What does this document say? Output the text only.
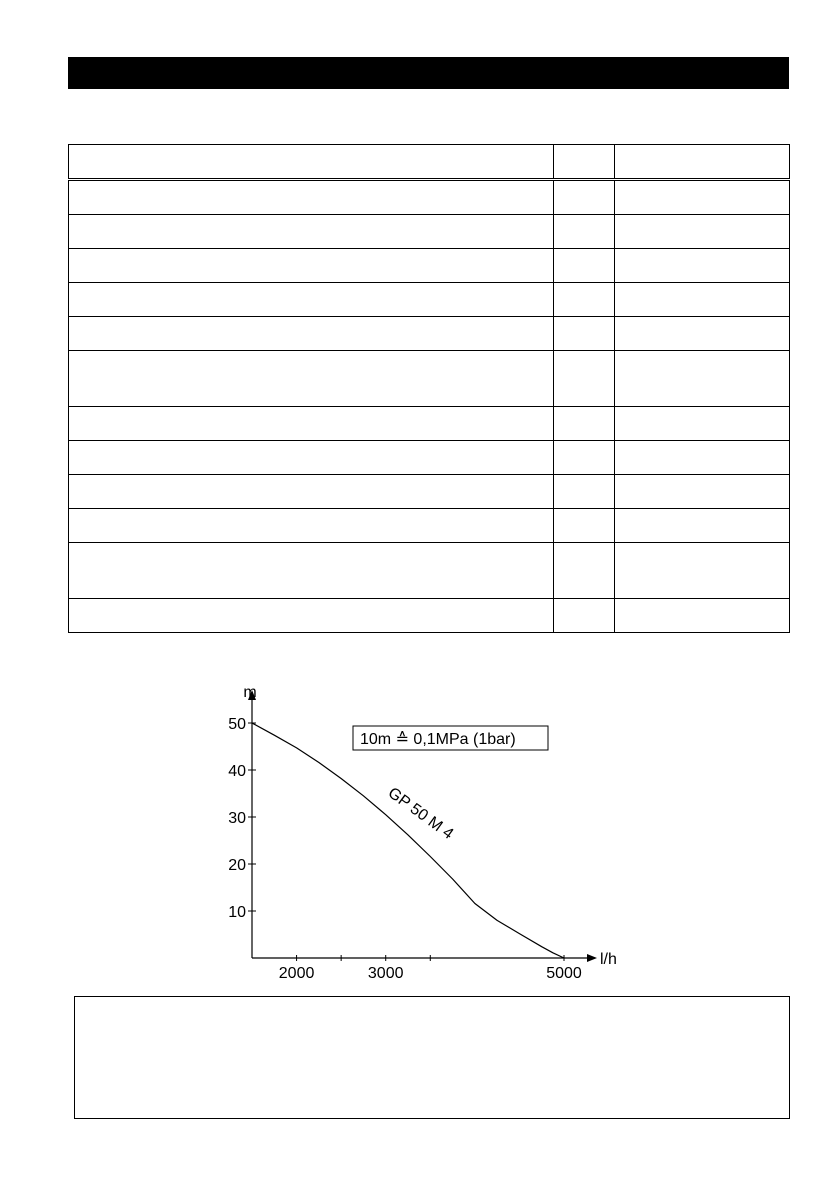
10
20
30
40
50
2000	3000	5000
m
l/h
10m ≙ 0,1MPa (1bar)
GP 50 M 4
